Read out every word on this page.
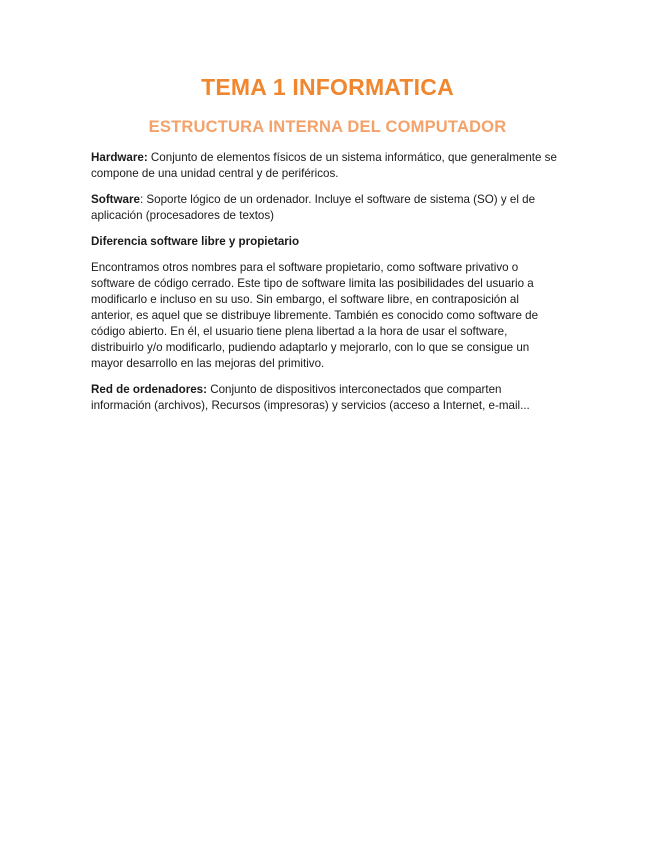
TEMA 1 INFORMATICA
ESTRUCTURA INTERNA DEL COMPUTADOR

Hardware: Conjunto de elementos físicos de un sistema informático, que generalmente se compone de una unidad central y de periféricos.

Software: Soporte lógico de un ordenador. Incluye el software de sistema (SO) y el de aplicación (procesadores de textos)

Diferencia software libre y propietario

Encontramos otros nombres para el software propietario, como software privativo o software de código cerrado. Este tipo de software limita las posibilidades del usuario a modificarlo e incluso en su uso. Sin embargo, el software libre, en contraposición al anterior, es aquel que se distribuye libremente. También es conocido como software de código abierto. En él, el usuario tiene plena libertad a la hora de usar el software, distribuirlo y/o modificarlo, pudiendo adaptarlo y mejorarlo, con lo que se consigue un mayor desarrollo en las mejoras del primitivo.

Red de ordenadores: Conjunto de dispositivos interconectados que comparten información (archivos), Recursos (impresoras) y servicios (acceso a Internet, e-mail...
